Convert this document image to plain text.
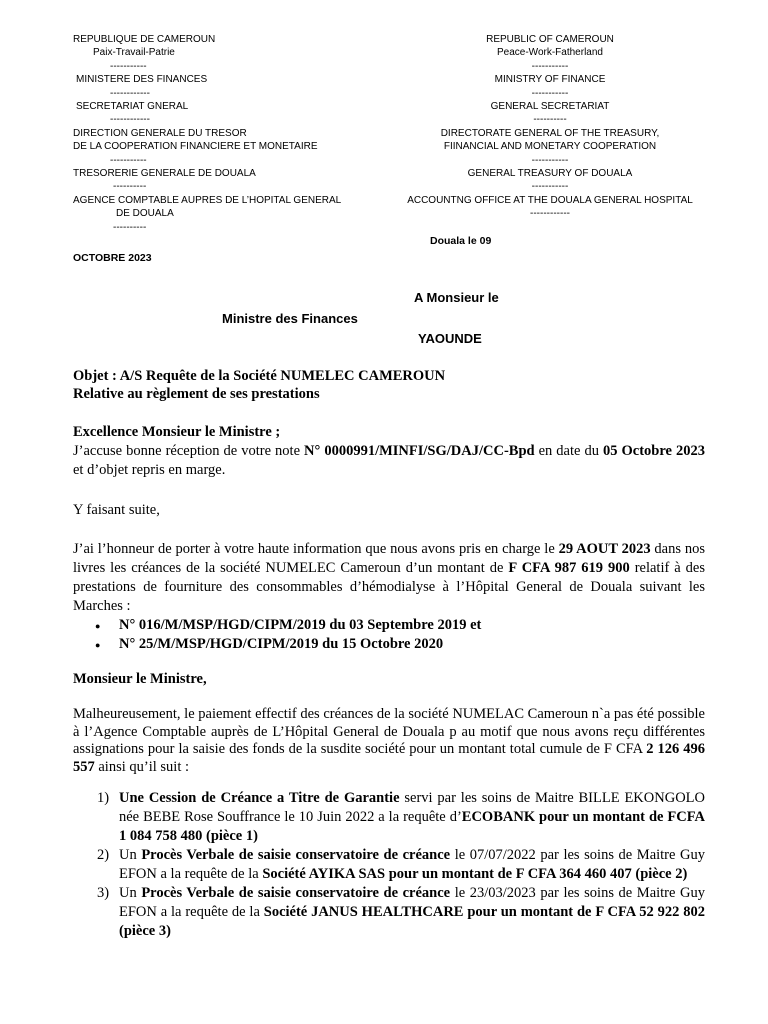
REPUBLIQUE DE CAMEROUN
Paix-Travail-Patrie
-----------
MINISTERE DES FINANCES
------------
SECRETARIAT GNERAL
------------
DIRECTION GENERALE DU TRESOR
DE LA COOPERATION FINANCIERE ET MONETAIRE
-----------
TRESORERIE GENERALE DE DOUALA
----------
AGENCE COMPTABLE AUPRES DE L’HOPITAL GENERAL
DE DOUALA
----------
REPUBLIC OF CAMEROUN
Peace-Work-Fatherland
-----------
MINISTRY OF FINANCE
-----------
GENERAL SECRETARIAT
----------
DIRECTORATE GENERAL OF THE TREASURY,
FIINANCIAL AND MONETARY COOPERATION
-----------
GENERAL TREASURY OF DOUALA
-----------
ACCOUNTNG OFFICE AT THE DOUALA GENERAL HOSPITAL
------------
Douala le 09
OCTOBRE 2023
A Monsieur le
Ministre des Finances
YAOUNDE
Objet : A/S Requête de la Société NUMELEC CAMEROUN
Relative au règlement de ses prestations
Excellence Monsieur le Ministre ;

J’accuse bonne réception de votre note N° 0000991/MINFI/SG/DAJ/CC-Bpd en date du 05 Octobre 2023 et d’objet repris en marge.

Y faisant suite,

J’ai l’honneur de porter à votre haute information que nous avons pris en charge le 29 AOUT 2023 dans nos livres les créances de la société NUMELEC Cameroun d’un montant de F CFA 987 619 900 relatif à des prestations de fourniture des consommables d’hémodialyse à l’Hôpital General de Douala suivant les Marches :

● N° 016/M/MSP/HGD/CIPM/2019 du 03 Septembre 2019 et
● N° 25/M/MSP/HGD/CIPM/2019 du 15 Octobre 2020
Monsieur le Ministre,

Malheureusement, le paiement effectif des créances de la société NUMELAC Cameroun n`a pas été possible à l’Agence Comptable auprès de L’Hôpital General de Douala p au motif que nous avons reçu différentes assignations pour la saisie des fonds de la susdite société pour un montant total cumule de F CFA 2 126 496 557 ainsi qu’il suit :

1) Une Cession de Créance a Titre de Garantie servi par les soins de Maitre BILLE EKONGOLO née BEBE Rose Souffrance le 10 Juin 2022 a la requête d’ECOBANK pour un montant de FCFA 1 084 758 480 (pièce 1)
2) Un Procès Verbale de saisie conservatoire de créance le 07/07/2022 par les soins de Maitre Guy EFON a la requête de la Société AYIKA SAS pour un montant de F CFA 364 460 407 (pièce 2)
3) Un Procès Verbale de saisie conservatoire de créance le 23/03/2023 par les soins de Maitre Guy EFON a la requête de la Société JANUS HEALTHCARE pour un montant de F CFA 52 922 802 (pièce 3)
